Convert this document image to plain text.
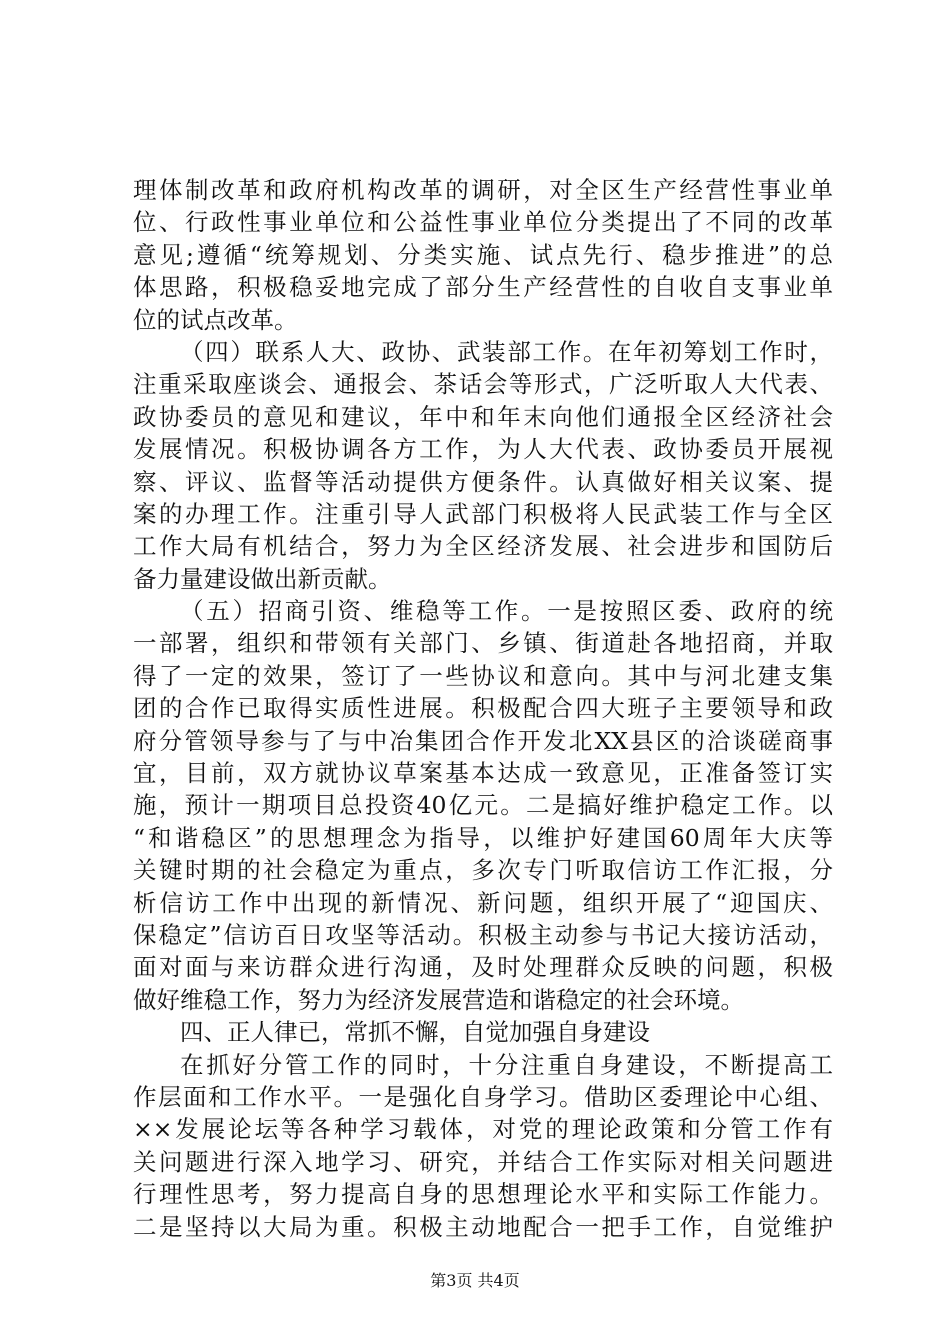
理体制改革和政府机构改革的调研，对全区生产经营性事业单
位、行政性事业单位和公益性事业单位分类提出了不同的改革
意见;遵循“统筹规划、分类实施、试点先行、稳步推进”的总
体思路，积极稳妥地完成了部分生产经营性的自收自支事业单
位的试点改革。
（四）联系人大、政协、武装部工作。在年初筹划工作时，
注重采取座谈会、通报会、茶话会等形式，广泛听取人大代表、
政协委员的意见和建议，年中和年末向他们通报全区经济社会
发展情况。积极协调各方工作，为人大代表、政协委员开展视
察、评议、监督等活动提供方便条件。认真做好相关议案、提
案的办理工作。注重引导人武部门积极将人民武装工作与全区
工作大局有机结合，努力为全区经济发展、社会进步和国防后
备力量建设做出新贡献。
（五）招商引资、维稳等工作。一是按照区委、政府的统
一部署，组织和带领有关部门、乡镇、街道赴各地招商，并取
得了一定的效果，签订了一些协议和意向。其中与河北建支集
团的合作已取得实质性进展。积极配合四大班子主要领导和政
府分管领导参与了与中冶集团合作开发北XX县区的洽谈磋商事
宜，目前，双方就协议草案基本达成一致意见，正准备签订实
施，预计一期项目总投资40亿元。二是搞好维护稳定工作。以
“和谐稳区”的思想理念为指导，以维护好建国60周年大庆等
关键时期的社会稳定为重点，多次专门听取信访工作汇报，分
析信访工作中出现的新情况、新问题，组织开展了“迎国庆、
保稳定”信访百日攻坚等活动。积极主动参与书记大接访活动，
面对面与来访群众进行沟通，及时处理群众反映的问题，积极
做好维稳工作，努力为经济发展营造和谐稳定的社会环境。
四、正人律已，常抓不懈，自觉加强自身建设
在抓好分管工作的同时，十分注重自身建设，不断提高工
作层面和工作水平。一是强化自身学习。借助区委理论中心组、
××发展论坛等各种学习载体，对党的理论政策和分管工作有
关问题进行深入地学习、研究，并结合工作实际对相关问题进
行理性思考，努力提高自身的思想理论水平和实际工作能力。
二是坚持以大局为重。积极主动地配合一把手工作，自觉维护
第3页 共4页
